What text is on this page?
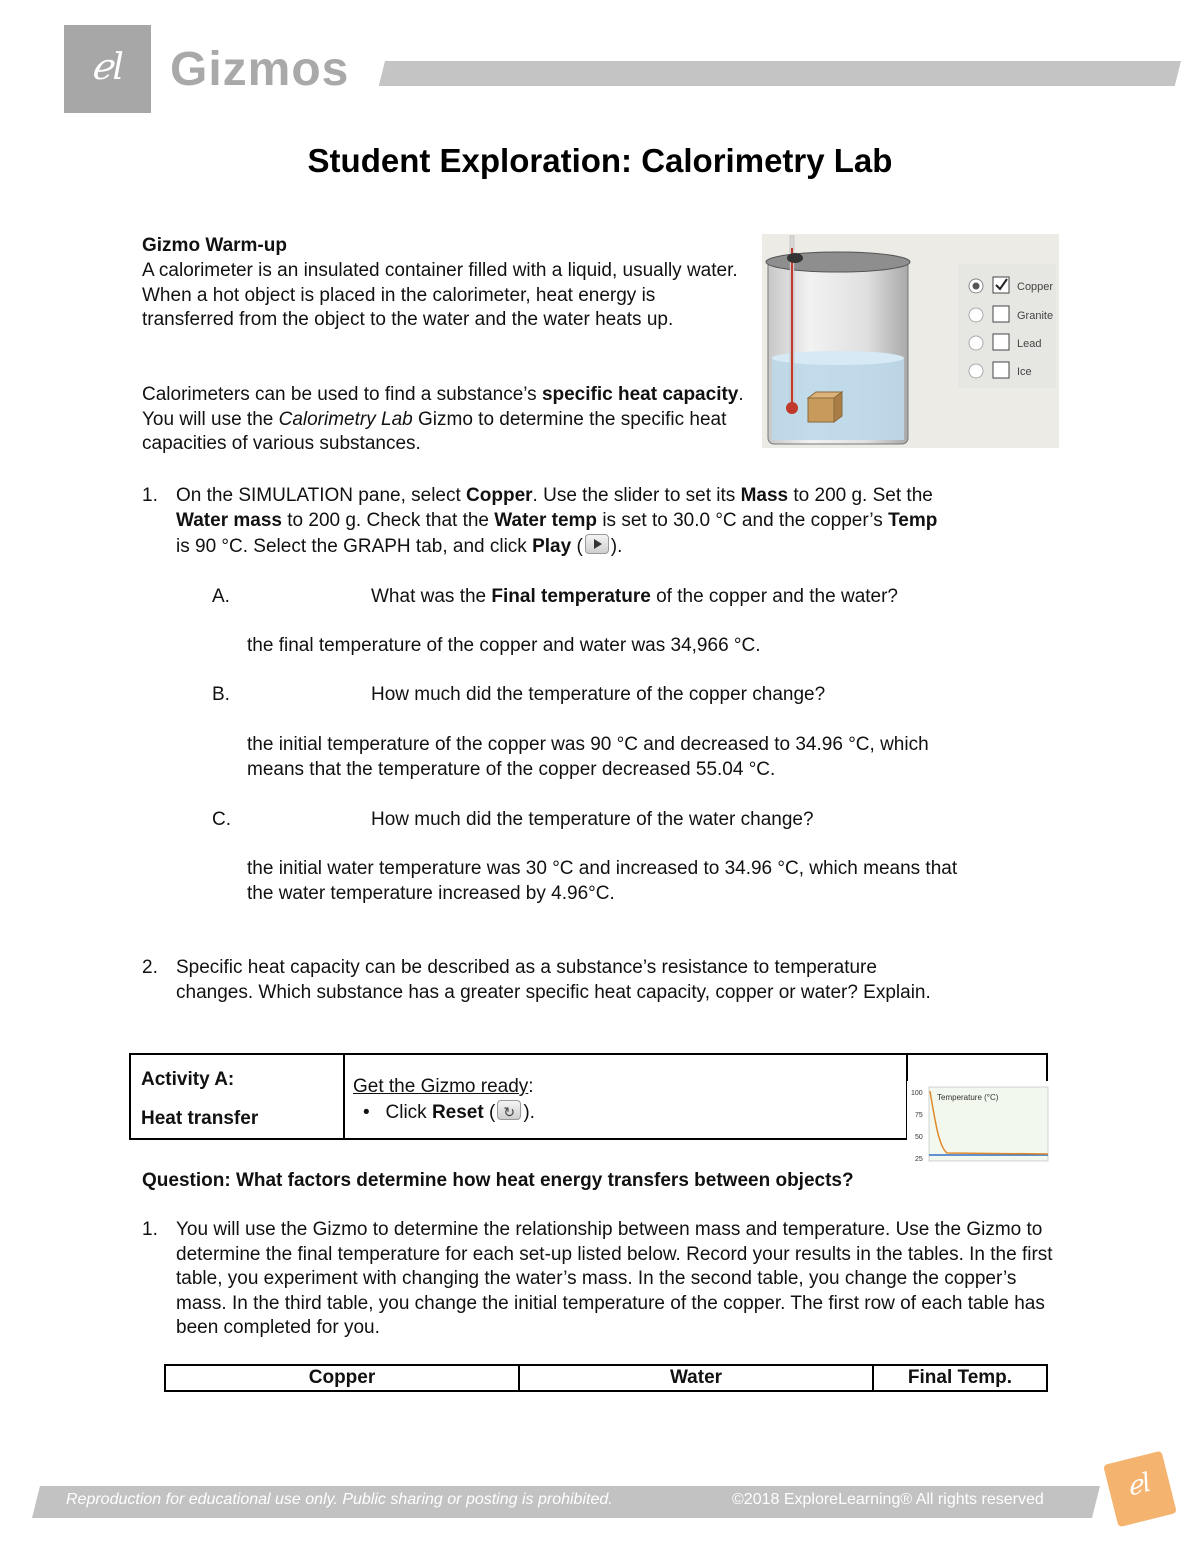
ℯl Gizmos
Student Exploration: Calorimetry Lab
Gizmo Warm-up
A calorimeter is an insulated container filled with a liquid, usually water. When a hot object is placed in the calorimeter, heat energy is transferred from the object to the water and the water heats up.
Calorimeters can be used to find a substance’s specific heat capacity. You will use the Calorimetry Lab Gizmo to determine the specific heat capacities of various substances.
Copper
Granite
Lead
Ice
1. On the SIMULATION pane, select Copper. Use the slider to set its Mass to 200 g. Set the
Water mass to 200 g. Check that the Water temp is set to 30.0 °C and the copper’s Temp
is 90 °C. Select the GRAPH tab, and click Play ( ).
A.	What was the Final temperature of the copper and the water?
the final temperature of the copper and water was 34,966 °C.
B.	How much did the temperature of the copper change?
the initial temperature of the copper was 90 °C and decreased to 34.96 °C, which
means that the temperature of the copper decreased 55.04 °C.
C.	How much did the temperature of the water change?
the initial water temperature was 30 °C and increased to 34.96 °C, which means that
the water temperature increased by 4.96°C.
2. Specific heat capacity can be described as a substance’s resistance to temperature
changes. Which substance has a greater specific heat capacity, copper or water? Explain.
Activity A:
Heat transfer
Get the Gizmo ready:
• Click Reset (↻ ).
Temperature (°C)
100
75
50
25
Question: What factors determine how heat energy transfers between objects?
1. You will use the Gizmo to determine the relationship between mass and temperature. Use the Gizmo to determine the final temperature for each set-up listed below. Record your results in the tables. In the first table, you experiment with changing the water’s mass. In the second table, you change the copper’s mass. In the third table, you change the initial temperature of the copper. The first row of each table has been completed for you.
Copper	Water	Final Temp.
Reproduction for educational use only. Public sharing or posting is prohibited.	©2018 ExploreLearning® All rights reserved	ℯl
